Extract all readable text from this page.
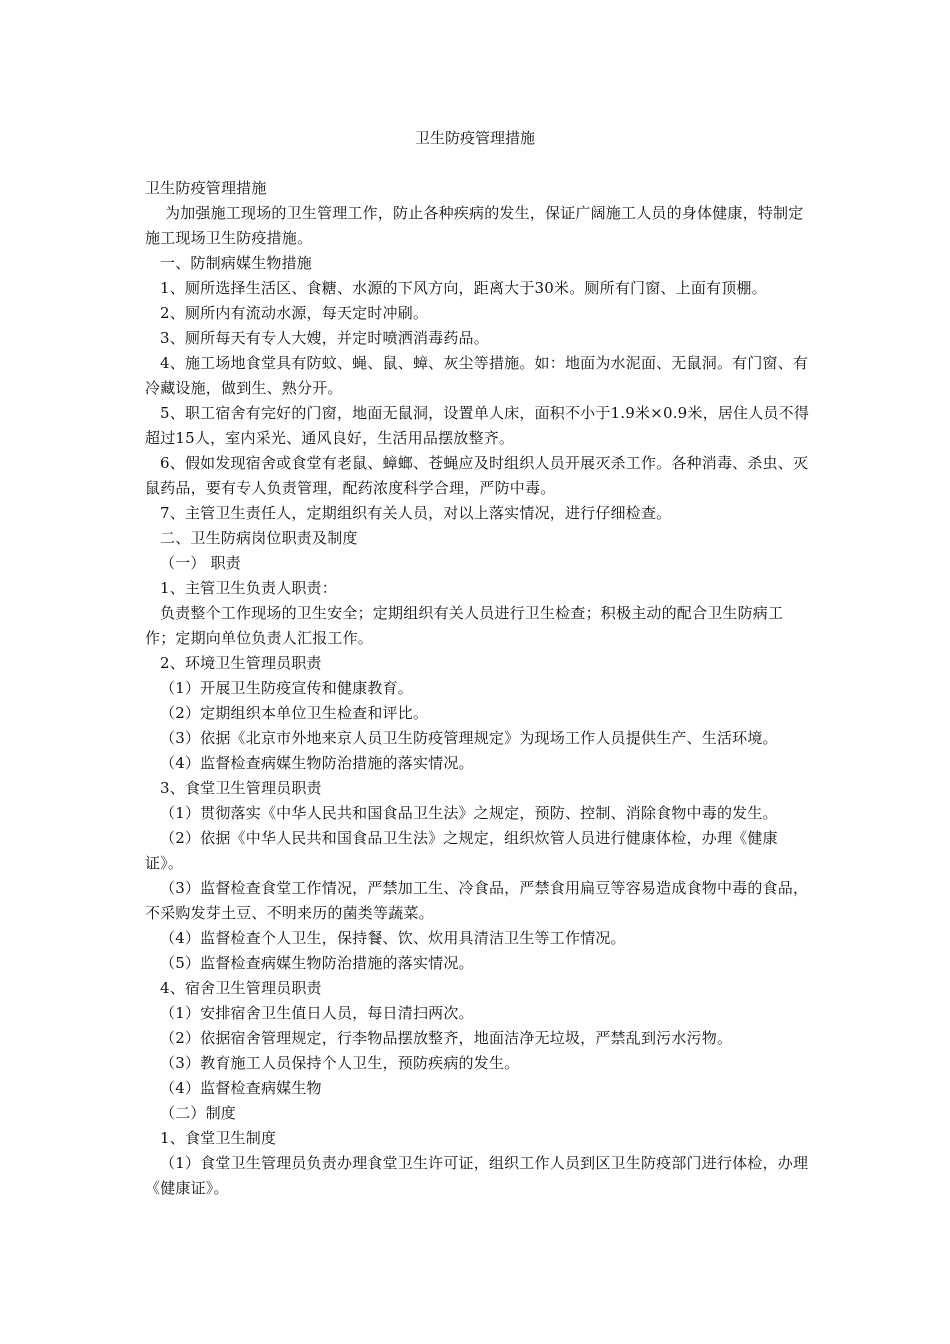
卫生防疫管理措施

卫生防疫管理措施

为加强施工现场的卫生管理工作，防止各种疾病的发生，保证广阔施工人员的身体健康，特制定施工现场卫生防疫措施。

一、防制病媒生物措施

1、厕所选择生活区、食糖、水源的下风方向，距离大于30米。厕所有门窗、上面有顶棚。

2、厕所内有流动水源，每天定时冲刷。

3、厕所每天有专人大嫂，并定时喷洒消毒药品。

4、施工场地食堂具有防蚊、蝇、鼠、蟑、灰尘等措施。如：地面为水泥面、无鼠洞。有门窗、有冷藏设施，做到生、熟分开。

5、职工宿舍有完好的门窗，地面无鼠洞，设置单人床，面积不小于1.9米×0.9米，居住人员不得超过15人，室内采光、通风良好，生活用品摆放整齐。

6、假如发现宿舍或食堂有老鼠、蟑螂、苍蝇应及时组织人员开展灭杀工作。各种消毒、杀虫、灭鼠药品，要有专人负责管理，配药浓度科学合理，严防中毒。

7、主管卫生责任人，定期组织有关人员，对以上落实情况，进行仔细检查。

二、卫生防病岗位职责及制度

（一） 职责

1、主管卫生负责人职责：

负责整个工作现场的卫生安全；定期组织有关人员进行卫生检查；积极主动的配合卫生防病工作；定期向单位负责人汇报工作。

2、环境卫生管理员职责

（1）开展卫生防疫宣传和健康教育。

（2）定期组织本单位卫生检查和评比。

（3）依据《北京市外地来京人员卫生防疫管理规定》为现场工作人员提供生产、生活环境。

（4）监督检查病媒生物防治措施的落实情况。

3、食堂卫生管理员职责

（1）贯彻落实《中华人民共和国食品卫生法》之规定，预防、控制、消除食物中毒的发生。

（2）依据《中华人民共和国食品卫生法》之规定，组织炊管人员进行健康体检，办理《健康证》。

（3）监督检查食堂工作情况，严禁加工生、冷食品，严禁食用扁豆等容易造成食物中毒的食品，不采购发芽土豆、不明来历的菌类等蔬菜。

（4）监督检查个人卫生，保持餐、饮、炊用具清洁卫生等工作情况。

（5）监督检查病媒生物防治措施的落实情况。

4、宿舍卫生管理员职责

（1）安排宿舍卫生值日人员，每日清扫两次。

（2）依据宿舍管理规定，行李物品摆放整齐，地面洁净无垃圾，严禁乱到污水污物。

（3）教育施工人员保持个人卫生，预防疾病的发生。

（4）监督检查病媒生物

（二）制度

1、食堂卫生制度

（1）食堂卫生管理员负责办理食堂卫生许可证，组织工作人员到区卫生防疫部门进行体检，办理《健康证》。
